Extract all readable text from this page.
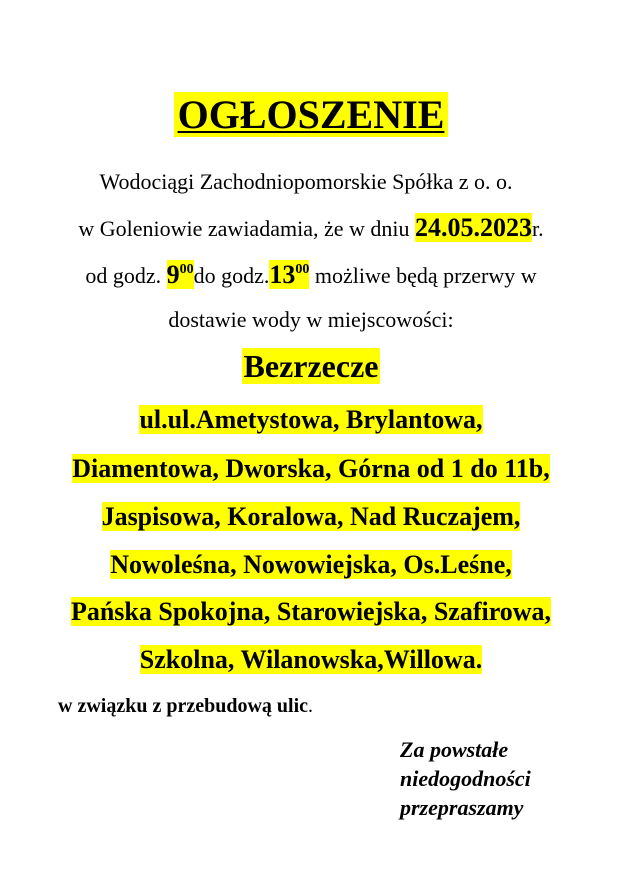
OGŁOSZENIE
Wodociągi Zachodniopomorskie Spółka z o. o.
w Goleniowie zawiadamia, że w dniu 24.05.2023r.
od godz. $9^{00}do$ $godz.13^{00}$ możliwe będą przerwy w
dostawie wody w miejscowości:
Bezrzecze
ul.ul.Ametystowa, Brylantowa,
Diamentowa, Dworska, Górna od 1 do 11b,
Jaspisowa, Koralowa, Nad Ruczajem,
Nowoleśna, Nowowiejska, Os.Leśne,
Pańska Spokojna, Starowiejska, Szafirowa,
Szkolna, Wilanowska,Willowa.
w związku z przebudową ulic.
Za powstałe
niedogodności
przepraszamy
